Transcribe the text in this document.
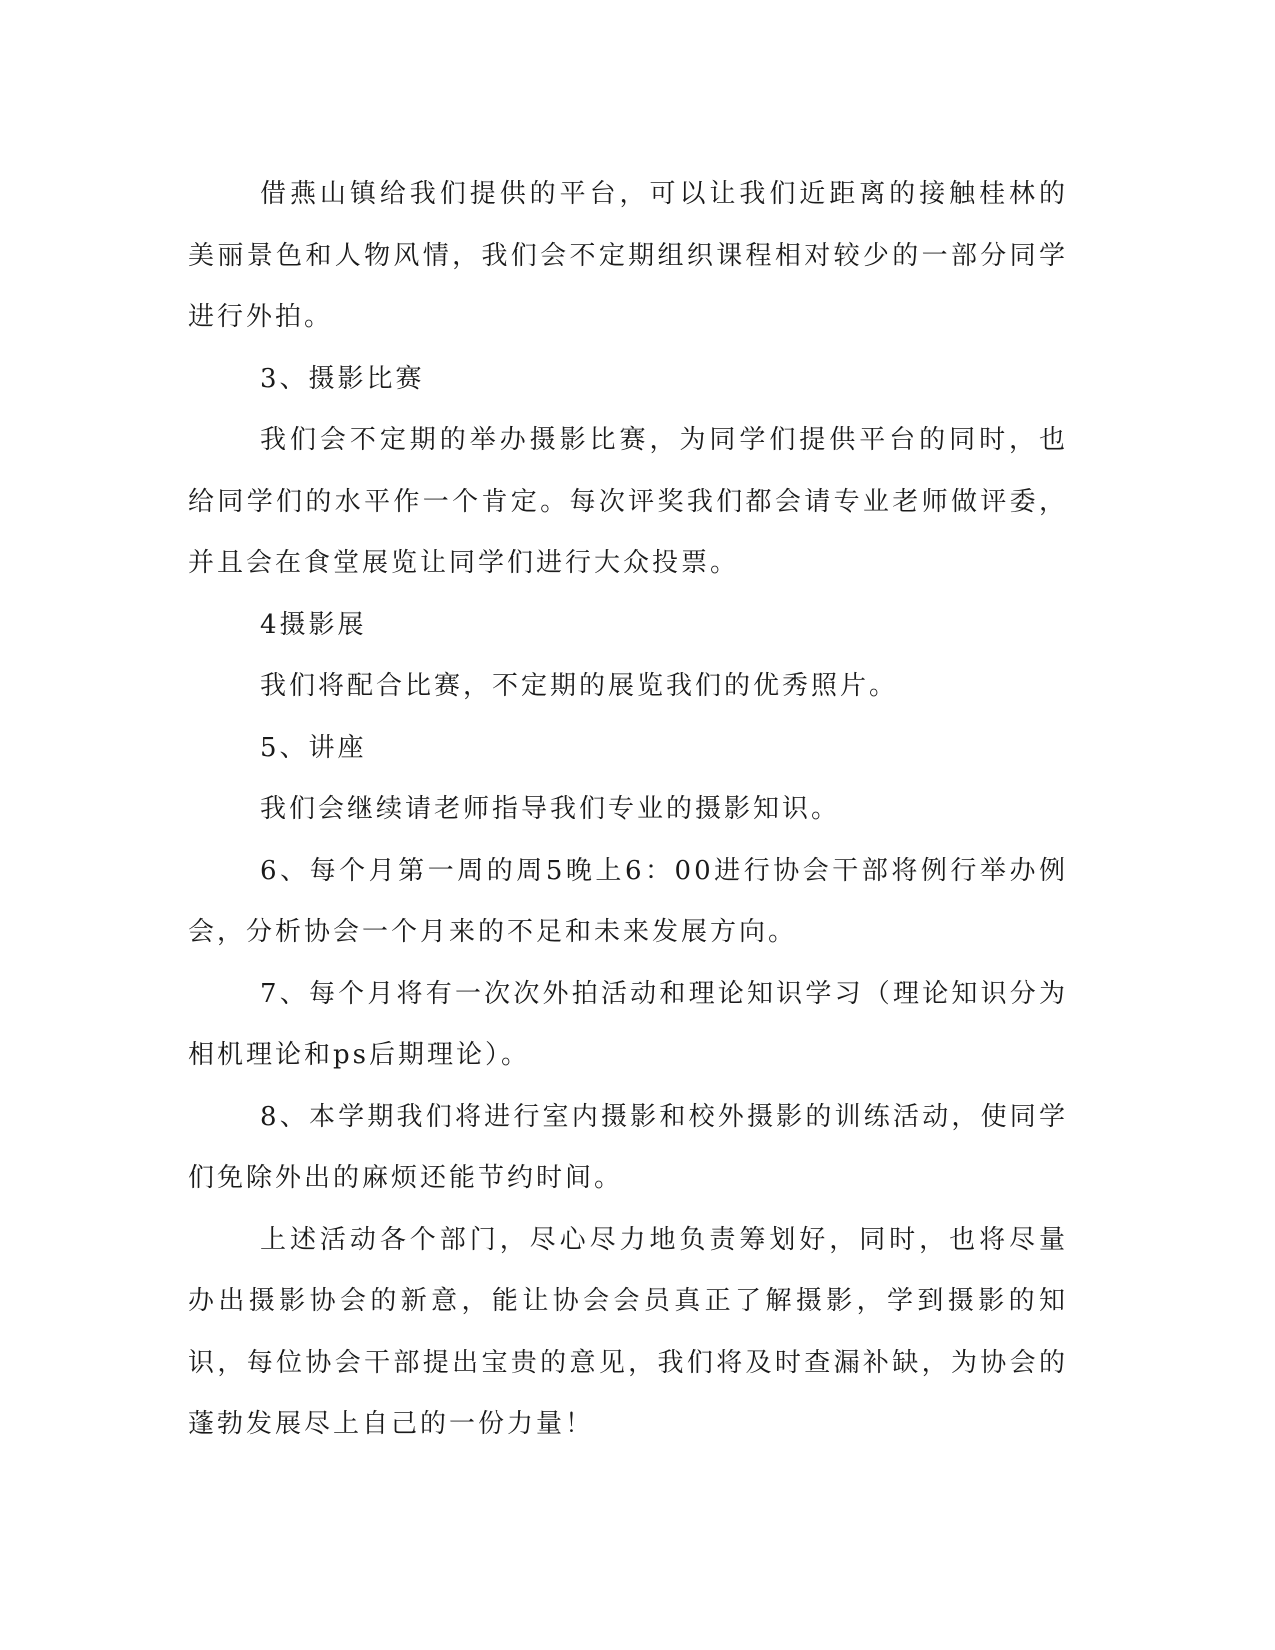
借燕山镇给我们提供的平台，可以让我们近距离的接触桂林的美丽景色和人物风情，我们会不定期组织课程相对较少的一部分同学进行外拍。

3、摄影比赛

我们会不定期的举办摄影比赛，为同学们提供平台的同时，也给同学们的水平作一个肯定。每次评奖我们都会请专业老师做评委，并且会在食堂展览让同学们进行大众投票。

4摄影展

我们将配合比赛，不定期的展览我们的优秀照片。

5、讲座

我们会继续请老师指导我们专业的摄影知识。

6、每个月第一周的周5晚上6：00进行协会干部将例行举办例会，分析协会一个月来的不足和未来发展方向。

7、每个月将有一次次外拍活动和理论知识学习（理论知识分为相机理论和ps后期理论）。

8、本学期我们将进行室内摄影和校外摄影的训练活动，使同学们免除外出的麻烦还能节约时间。

上述活动各个部门，尽心尽力地负责筹划好，同时，也将尽量办出摄影协会的新意，能让协会会员真正了解摄影，学到摄影的知识，每位协会干部提出宝贵的意见，我们将及时查漏补缺，为协会的蓬勃发展尽上自己的一份力量！
